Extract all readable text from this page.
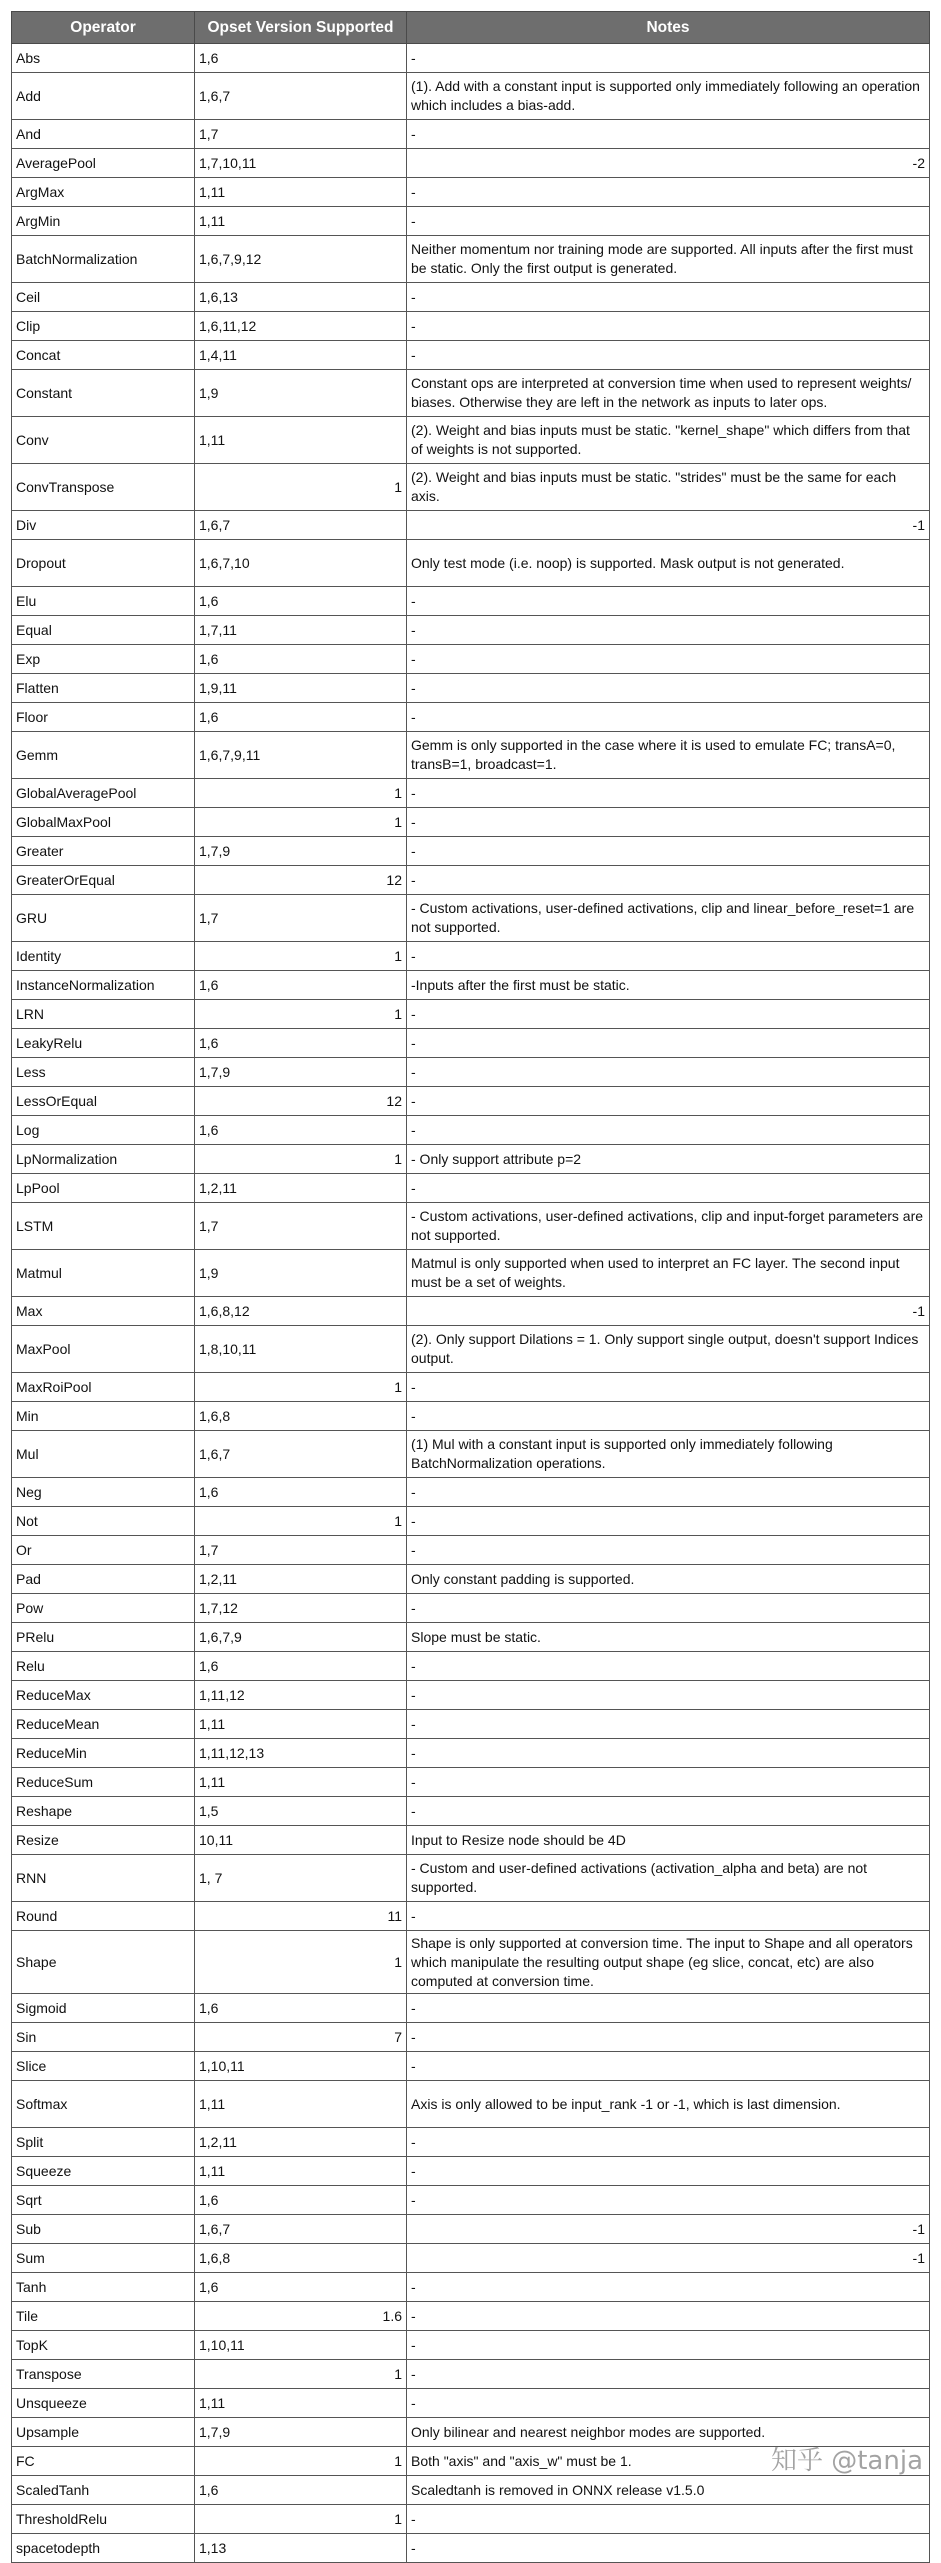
Operator	Opset Version Supported	Notes
Abs	1,6	-
Add	1,6,7	(1). Add with a constant input is supported only immediately following an operation which includes a bias-add.
And	1,7	-
AveragePool	1,7,10,11	-2
ArgMax	1,11	-
ArgMin	1,11	-
BatchNormalization	1,6,7,9,12	Neither momentum nor training mode are supported. All inputs after the first must be static. Only the first output is generated.
Ceil	1,6,13	-
Clip	1,6,11,12	-
Concat	1,4,11	-
Constant	1,9	Constant ops are interpreted at conversion time when used to represent weights/ biases. Otherwise they are left in the network as inputs to later ops.
Conv	1,11	(2). Weight and bias inputs must be static. "kernel_shape" which differs from that of weights is not supported.
ConvTranspose	1	(2). Weight and bias inputs must be static. "strides" must be the same for each axis.
Div	1,6,7	-1
Dropout	1,6,7,10	Only test mode (i.e. noop) is supported. Mask output is not generated.
Elu	1,6	-
Equal	1,7,11	-
Exp	1,6	-
Flatten	1,9,11	-
Floor	1,6	-
Gemm	1,6,7,9,11	Gemm is only supported in the case where it is used to emulate FC; transA=0, transB=1, broadcast=1.
GlobalAveragePool	1	-
GlobalMaxPool	1	-
Greater	1,7,9	-
GreaterOrEqual	12	-
GRU	1,7	- Custom activations, user-defined activations, clip and linear_before_reset=1 are not supported.
Identity	1	-
InstanceNormalization	1,6	-Inputs after the first must be static.
LRN	1	-
LeakyRelu	1,6	-
Less	1,7,9	-
LessOrEqual	12	-
Log	1,6	-
LpNormalization	1	- Only support attribute p=2
LpPool	1,2,11	-
LSTM	1,7	- Custom activations, user-defined activations, clip and input-forget parameters are not supported.
Matmul	1,9	Matmul is only supported when used to interpret an FC layer. The second input must be a set of weights.
Max	1,6,8,12	-1
MaxPool	1,8,10,11	(2). Only support Dilations = 1. Only support single output, doesn't support Indices output.
MaxRoiPool	1	-
Min	1,6,8	-
Mul	1,6,7	(1) Mul with a constant input is supported only immediately following BatchNormalization operations.
Neg	1,6	-
Not	1	-
Or	1,7	-
Pad	1,2,11	Only constant padding is supported.
Pow	1,7,12	-
PRelu	1,6,7,9	Slope must be static.
Relu	1,6	-
ReduceMax	1,11,12	-
ReduceMean	1,11	-
ReduceMin	1,11,12,13	-
ReduceSum	1,11	-
Reshape	1,5	-
Resize	10,11	Input to Resize node should be 4D
RNN	1, 7	- Custom and user-defined activations (activation_alpha and beta) are not supported.
Round	11	-
Shape	1	Shape is only supported at conversion time. The input to Shape and all operators which manipulate the resulting output shape (eg slice, concat, etc) are also computed at conversion time.
Sigmoid	1,6	-
Sin	7	-
Slice	1,10,11	-
Softmax	1,11	Axis is only allowed to be input_rank -1 or -1, which is last dimension.
Split	1,2,11	-
Squeeze	1,11	-
Sqrt	1,6	-
Sub	1,6,7	-1
Sum	1,6,8	-1
Tanh	1,6	-
Tile	1.6	-
TopK	1,10,11	-
Transpose	1	-
Unsqueeze	1,11	-
Upsample	1,7,9	Only bilinear and nearest neighbor modes are supported.
FC	1	Both "axis" and "axis_w" must be 1.
ScaledTanh	1,6	Scaledtanh is removed in ONNX release v1.5.0
ThresholdRelu	1	-
spacetodepth	1,13	-
知乎 @tanja
